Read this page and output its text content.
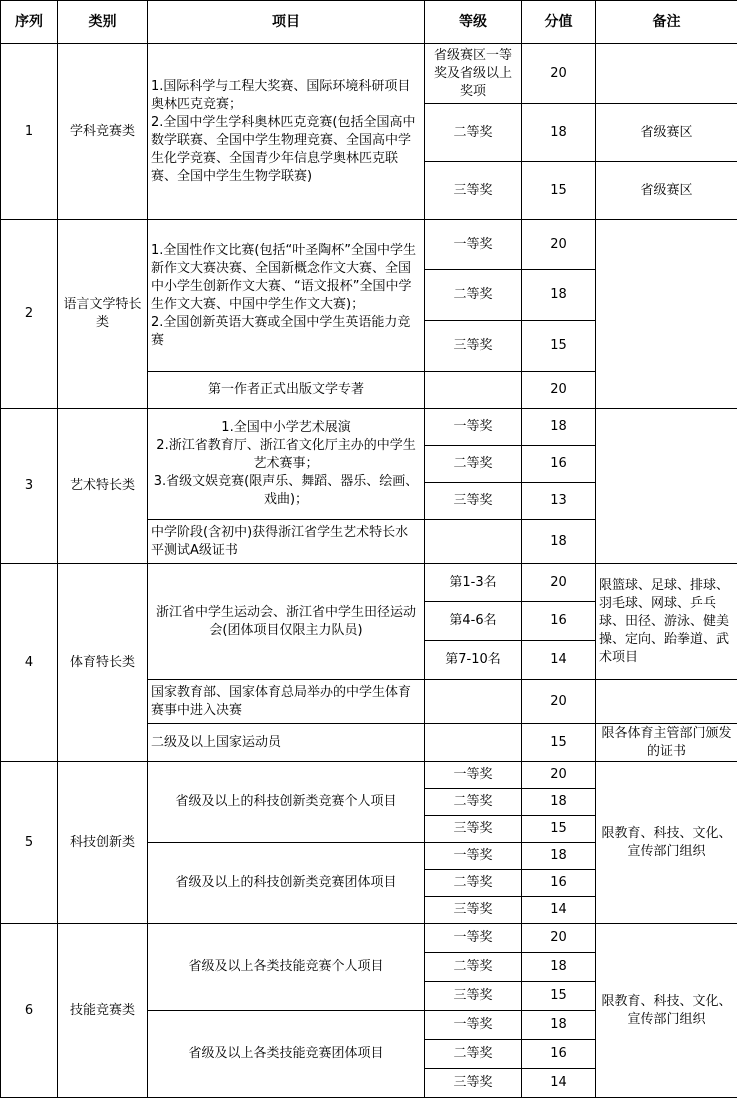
序列	类别	项目	等级	分值	备注
1	学科竞赛类	1.国际科学与工程大奖赛、国际环境科研项目奥林匹克竞赛；
2.全国中学生学科奥林匹克竞赛(包括全国高中数学联赛、全国中学生物理竞赛、全国高中学生化学竞赛、全国青少年信息学奥林匹克联赛、全国中学生生物学联赛)	省级赛区一等奖及省级以上奖项	20	
			二等奖	18	省级赛区
			三等奖	15	省级赛区
2	语言文学特长类	1.全国性作文比赛(包括“叶圣陶杯”全国中学生新作文大赛决赛、全国新概念作文大赛、全国中小学生创新作文大赛、“语文报杯”全国中学生作文大赛、中国中学生作文大赛)；
2.全国创新英语大赛或全国中学生英语能力竞赛	一等奖	20	
			二等奖	18	
			三等奖	15	
		第一作者正式出版文学专著		20	
3	艺术特长类	1.全国中小学艺术展演
2.浙江省教育厅、浙江省文化厅主办的中学生艺术赛事；
3.省级文娱竞赛(限声乐、舞蹈、器乐、绘画、戏曲)；	一等奖	18	
			二等奖	16	
			三等奖	13	
		中学阶段(含初中)获得浙江省学生艺术特长水平测试A级证书		18	
4	体育特长类	浙江省中学生运动会、浙江省中学生田径运动会(团体项目仅限主力队员)	第1-3名	20	限篮球、足球、排球、羽毛球、网球、乒乓球、田径、游泳、健美操、定向、跆拳道、武术项目
			第4-6名	16	
			第7-10名	14	
		国家教育部、国家体育总局举办的中学生体育赛事中进入决赛		20	
		二级及以上国家运动员		15	限各体育主管部门颁发的证书
5	科技创新类	省级及以上的科技创新类竞赛个人项目	一等奖	20	限教育、科技、文化、宣传部门组织
			二等奖	18	
			三等奖	15	
		省级及以上的科技创新类竞赛团体项目	一等奖	18	
			二等奖	16	
			三等奖	14	
6	技能竞赛类	省级及以上各类技能竞赛个人项目	一等奖	20	限教育、科技、文化、宣传部门组织
			二等奖	18	
			三等奖	15	
		省级及以上各类技能竞赛团体项目	一等奖	18	
			二等奖	16	
			三等奖	14	
